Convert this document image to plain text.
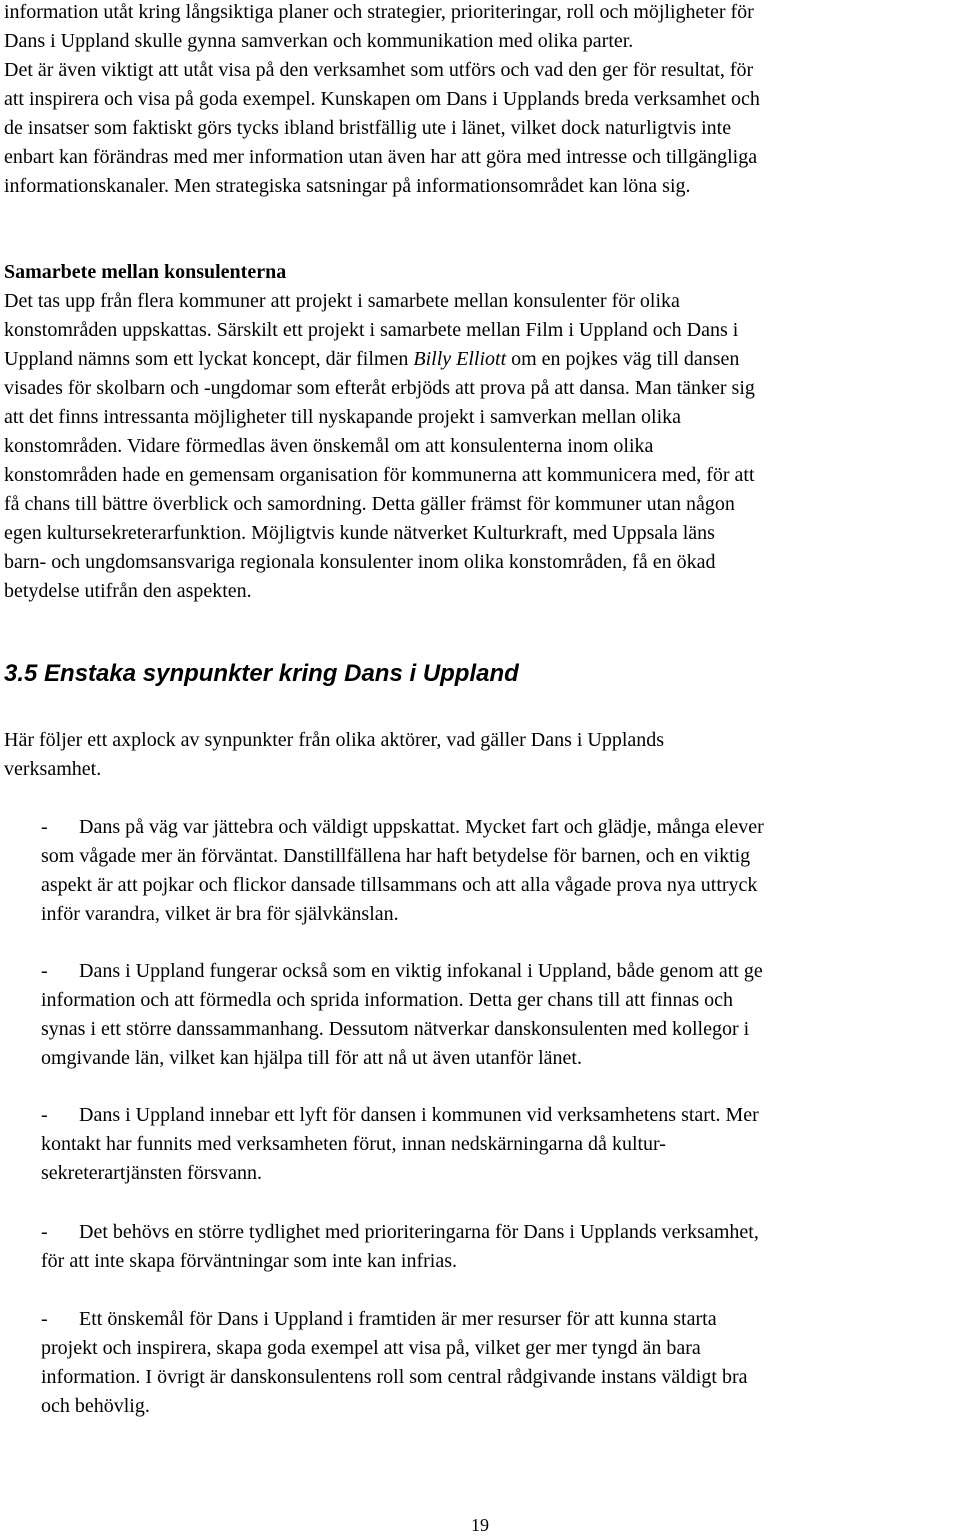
information utåt kring långsiktiga planer och strategier, prioriteringar, roll och möjligheter för
Dans i Uppland skulle gynna samverkan och kommunikation med olika parter.

Det är även viktigt att utåt visa på den verksamhet som utförs och vad den ger för resultat, för
att inspirera och visa på goda exempel. Kunskapen om Dans i Upplands breda verksamhet och
de insatser som faktiskt görs tycks ibland bristfällig ute i länet, vilket dock naturligtvis inte
enbart kan förändras med mer information utan även har att göra med intresse och tillgängliga
informationskanaler. Men strategiska satsningar på informationsområdet kan löna sig.

Samarbete mellan konsulenterna
Det tas upp från flera kommuner att projekt i samarbete mellan konsulenter för olika
konstområden uppskattas. Särskilt ett projekt i samarbete mellan Film i Uppland och Dans i
Uppland nämns som ett lyckat koncept, där filmen Billy Elliott om en pojkes väg till dansen
visades för skolbarn och -ungdomar som efteråt erbjöds att prova på att dansa. Man tänker sig
att det finns intressanta möjligheter till nyskapande projekt i samverkan mellan olika
konstområden. Vidare förmedlas även önskemål om att konsulenterna inom olika
konstområden hade en gemensam organisation för kommunerna att kommunicera med, för att
få chans till bättre överblick och samordning. Detta gäller främst för kommuner utan någon
egen kultursekreterarfunktion. Möjligtvis kunde nätverket Kulturkraft, med Uppsala läns
barn- och ungdomsansvariga regionala konsulenter inom olika konstområden, få en ökad
betydelse utifrån den aspekten.
3.5 Enstaka synpunkter kring Dans i Uppland

Här följer ett axplock av synpunkter från olika aktörer, vad gäller Dans i Upplands
verksamhet.

- Dans på väg var jättebra och väldigt uppskattat. Mycket fart och glädje, många elever
som vågade mer än förväntat. Danstillfällena har haft betydelse för barnen, och en viktig
aspekt är att pojkar och flickor dansade tillsammans och att alla vågade prova nya uttryck
inför varandra, vilket är bra för självkänslan.
- Dans i Uppland fungerar också som en viktig infokanal i Uppland, både genom att ge
information och att förmedla och sprida information. Detta ger chans till att finnas och
synas i ett större danssammanhang. Dessutom nätverkar danskonsulenten med kollegor i
omgivande län, vilket kan hjälpa till för att nå ut även utanför länet.
- Dans i Uppland innebar ett lyft för dansen i kommunen vid verksamhetens start. Mer
kontakt har funnits med verksamheten förut, innan nedskärningarna då kultur-
sekreterartjänsten försvann.
- Det behövs en större tydlighet med prioriteringarna för Dans i Upplands verksamhet,
för att inte skapa förväntningar som inte kan infrias.
- Ett önskemål för Dans i Uppland i framtiden är mer resurser för att kunna starta
projekt och inspirera, skapa goda exempel att visa på, vilket ger mer tyngd än bara
information. I övrigt är danskonsulentens roll som central rådgivande instans väldigt bra
och behövlig.
19
